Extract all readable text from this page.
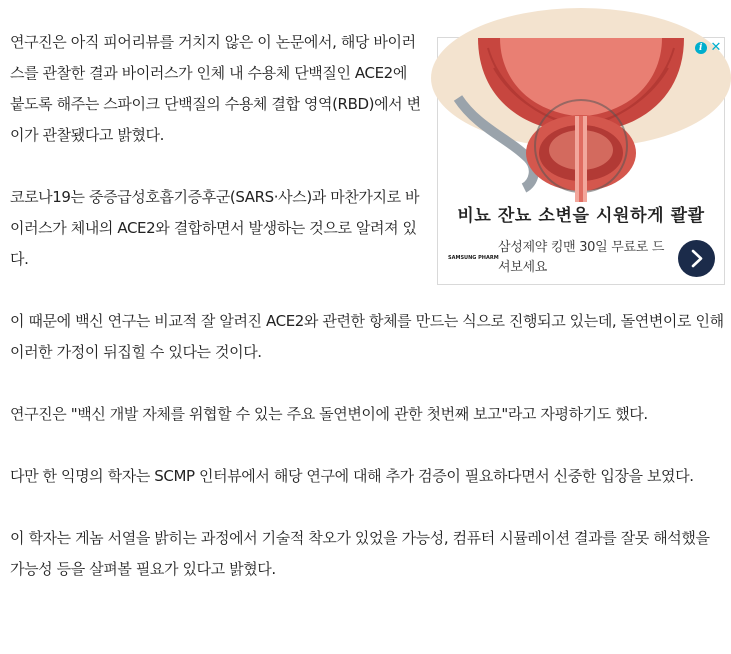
i ✕
비뇨 잔뇨 소변을 시원하게 콸콸
SAMSUNG PHARM
삼성제약 킹맨 30일 무료로 드셔보세요

연구진은 아직 피어리뷰를 거치지 않은 이 논문에서, 해당 바이러스를 관찰한 결과 바이러스가 인체 내 수용체 단백질인 ACE2에 붙도록 해주는 스파이크 단백질의 수용체 결합 영역(RBD)에서 변이가 관찰됐다고 밝혔다.

코로나19는 중증급성호흡기증후군(SARS·사스)과 마찬가지로 바이러스가 체내의 ACE2와 결합하면서 발생하는 것으로 알려져 있다.

이 때문에 백신 연구는 비교적 잘 알려진 ACE2와 관련한 항체를 만드는 식으로 진행되고 있는데, 돌연변이로 인해 이러한 가정이 뒤집힐 수 있다는 것이다.

연구진은 "백신 개발 자체를 위협할 수 있는 주요 돌연변이에 관한 첫번째 보고"라고 자평하기도 했다.

다만 한 익명의 학자는 SCMP 인터뷰에서 해당 연구에 대해 추가 검증이 필요하다면서 신중한 입장을 보였다.

이 학자는 게놈 서열을 밝히는 과정에서 기술적 착오가 있었을 가능성, 컴퓨터 시뮬레이션 결과를 잘못 해석했을 가능성 등을 살펴볼 필요가 있다고 밝혔다.
